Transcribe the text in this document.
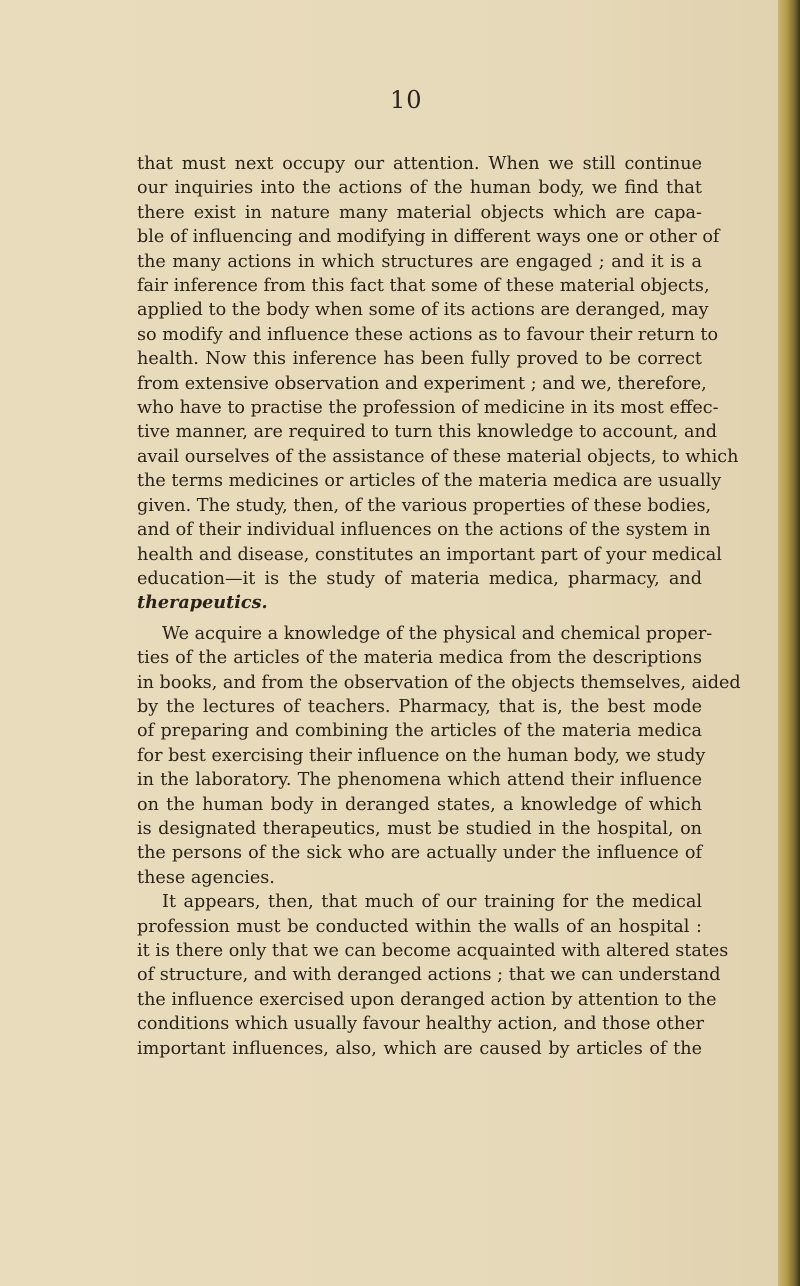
10

that must next occupy our attention. When we still continue
our inquiries into the actions of the human body, we find that
there exist in nature many material objects which are capa-
ble of influencing and modifying in different ways one or other of
the many actions in which structures are engaged ; and it is a
fair inference from this fact that some of these material objects,
applied to the body when some of its actions are deranged, may
so modify and influence these actions as to favour their return to
health. Now this inference has been fully proved to be correct
from extensive observation and experiment ; and we, therefore,
who have to practise the profession of medicine in its most effec-
tive manner, are required to turn this knowledge to account, and
avail ourselves of the assistance of these material objects, to which
the terms medicines or articles of the materia medica are usually
given. The study, then, of the various properties of these bodies,
and of their individual influences on the actions of the system in
health and disease, constitutes an important part of your medical
education—it is the study of materia medica, pharmacy, and
therapeutics.

We acquire a knowledge of the physical and chemical proper-
ties of the articles of the materia medica from the descriptions
in books, and from the observation of the objects themselves, aided
by the lectures of teachers. Pharmacy, that is, the best mode
of preparing and combining the articles of the materia medica
for best exercising their influence on the human body, we study
in the laboratory. The phenomena which attend their influence
on the human body in deranged states, a knowledge of which
is designated therapeutics, must be studied in the hospital, on
the persons of the sick who are actually under the influence of
these agencies.

It appears, then, that much of our training for the medical
profession must be conducted within the walls of an hospital :
it is there only that we can become acquainted with altered states
of structure, and with deranged actions ; that we can understand
the influence exercised upon deranged action by attention to the
conditions which usually favour healthy action, and those other
important influences, also, which are caused by articles of the
